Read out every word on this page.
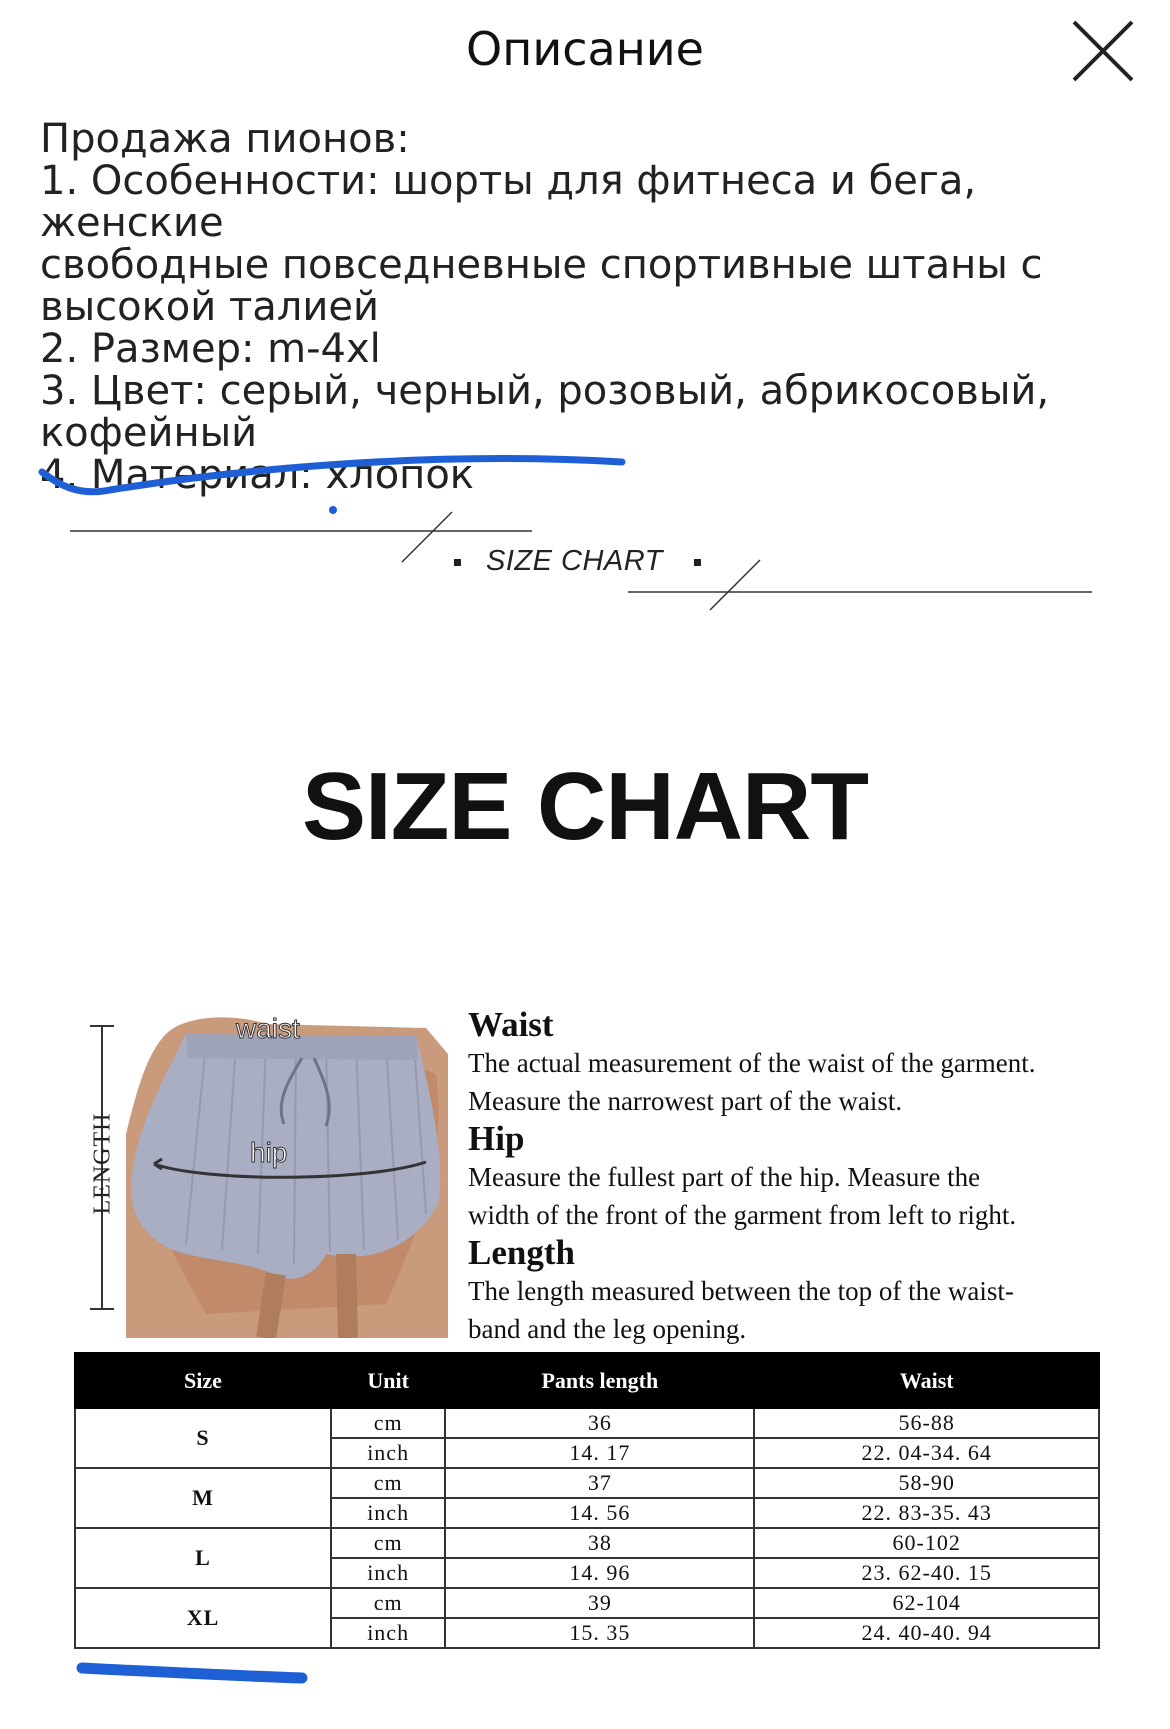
Описание
Продажа пионов:
1. Особенности: шорты для фитнеса и бега, женские
свободные повседневные спортивные штаны с
высокой талией
2. Размер: m-4xl
3. Цвет: серый, черный, розовый, абрикосовый,
кофейный
4. Материал: хлопок
SIZE CHART
SIZE CHART
LENGTH
waist
hip
Waist
The actual measurement of the waist of the garment.
Measure the narrowest part of the waist.
Hip
Measure the fullest part of the hip. Measure the
width of the front of the garment from left to right.
Length
The length measured between the top of the waist-
band and the leg opening.
Size	Unit	Pants length	Waist
S	cm	36	56-88
	inch	14. 17	22. 04-34. 64
M	cm	37	58-90
	inch	14. 56	22. 83-35. 43
L	cm	38	60-102
	inch	14. 96	23. 62-40. 15
XL	cm	39	62-104
	inch	15. 35	24. 40-40. 94
